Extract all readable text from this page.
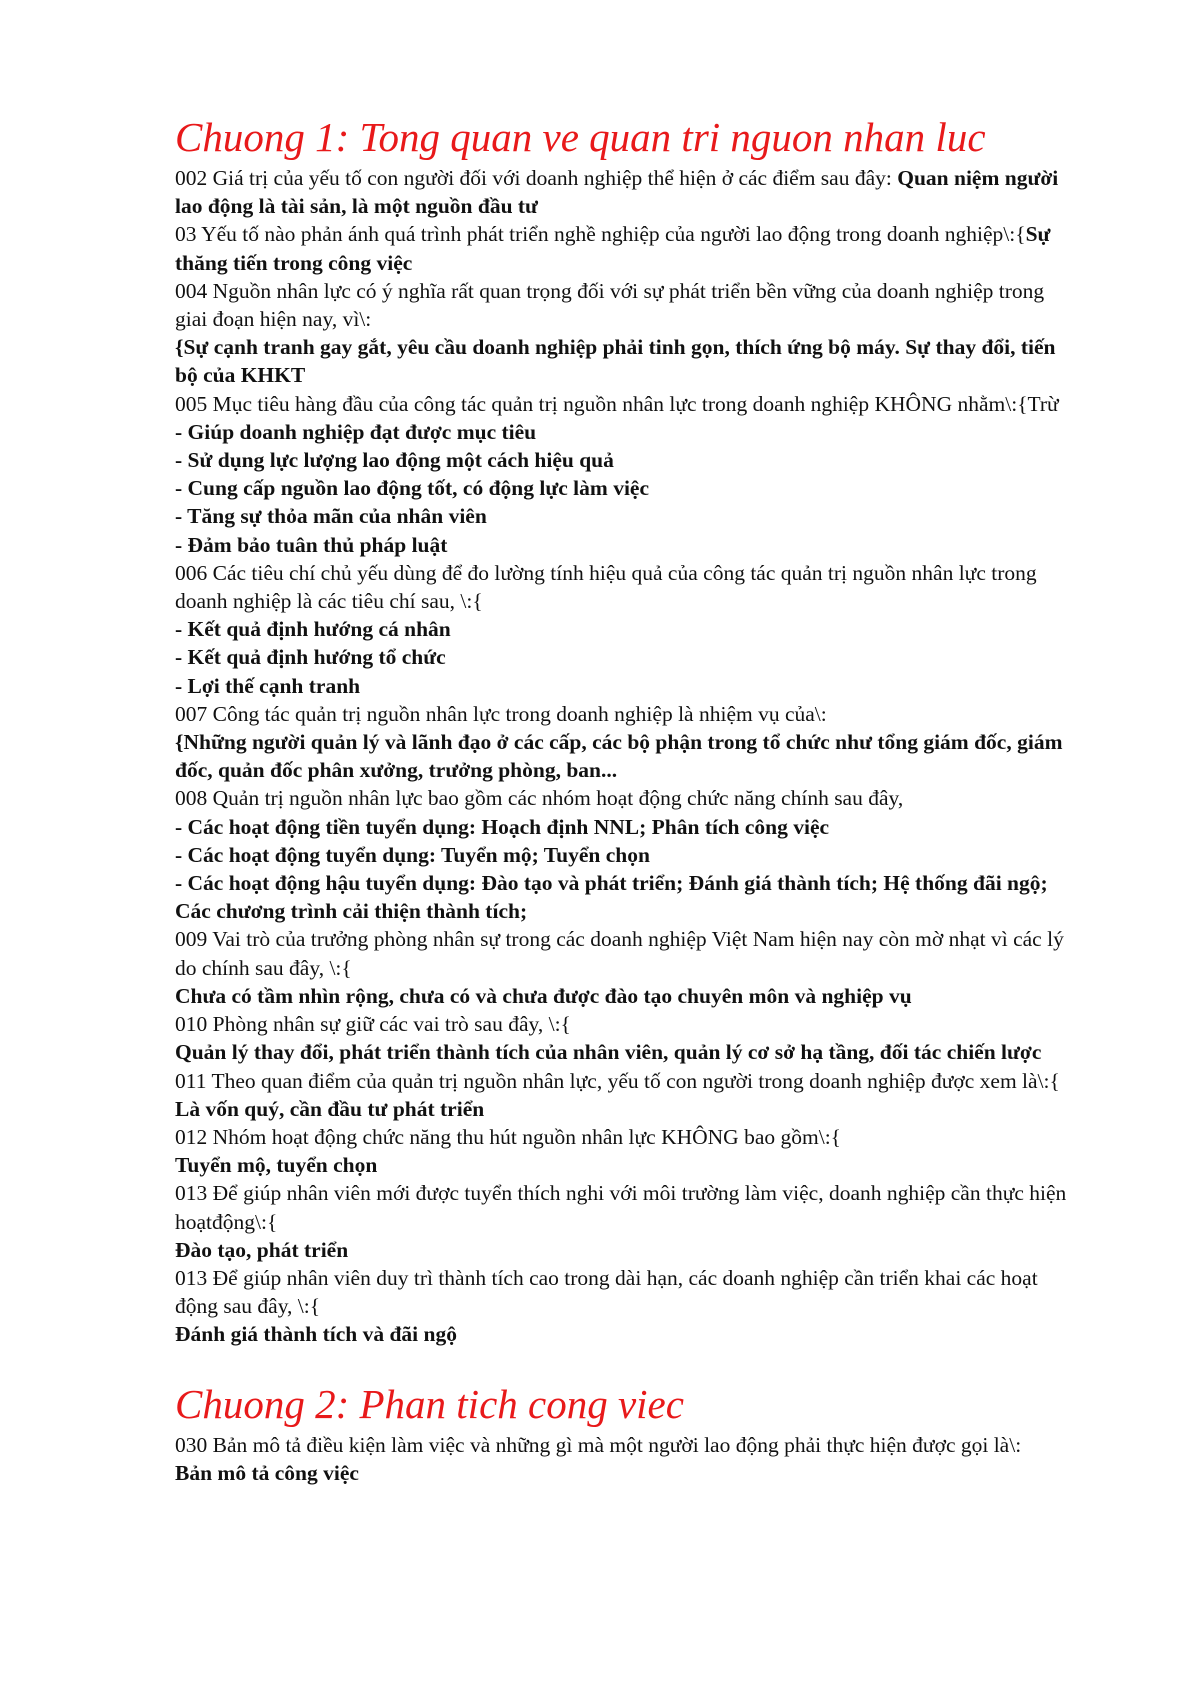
Chuong 1: Tong quan ve quan tri nguon nhan luc

002 Giá trị của yếu tố con người đối với doanh nghiệp thể hiện ở các điểm sau đây: Quan niệm người lao động là tài sản, là một nguồn đầu tư

03 Yếu tố nào phản ánh quá trình phát triển nghề nghiệp của người lao động trong doanh nghiệp\:{Sự thăng tiến trong công việc

004 Nguồn nhân lực có ý nghĩa rất quan trọng đối với sự phát triển bền vững của doanh nghiệp trong giai đoạn hiện nay, vì\:

{Sự cạnh tranh gay gắt, yêu cầu doanh nghiệp phải tinh gọn, thích ứng bộ máy. Sự thay đổi, tiến bộ của KHKT

005 Mục tiêu hàng đầu của công tác quản trị nguồn nhân lực trong doanh nghiệp KHÔNG nhằm\:{Trừ

- Giúp doanh nghiệp đạt được mục tiêu

- Sử dụng lực lượng lao động một cách hiệu quả

- Cung cấp nguồn lao động tốt, có động lực làm việc

- Tăng sự thỏa mãn của nhân viên

- Đảm bảo tuân thủ pháp luật

006 Các tiêu chí chủ yếu dùng để đo lường tính hiệu quả của công tác quản trị nguồn nhân lực trong doanh nghiệp là các tiêu chí sau, \:{

- Kết quả định hướng cá nhân

- Kết quả định hướng tổ chức

- Lợi thế cạnh tranh

007 Công tác quản trị nguồn nhân lực trong doanh nghiệp là nhiệm vụ của\:

{Những người quản lý và lãnh đạo ở các cấp, các bộ phận trong tổ chức như tổng giám đốc, giám đốc, quản đốc phân xưởng, trưởng phòng, ban...

008 Quản trị nguồn nhân lực bao gồm các nhóm hoạt động chức năng chính sau đây,

- Các hoạt động tiền tuyển dụng: Hoạch định NNL; Phân tích công việc

- Các hoạt động tuyển dụng: Tuyển mộ; Tuyển chọn

- Các hoạt động hậu tuyển dụng: Đào tạo và phát triển; Đánh giá thành tích; Hệ thống đãi ngộ; Các chương trình cải thiện thành tích;

009 Vai trò của trưởng phòng nhân sự trong các doanh nghiệp Việt Nam hiện nay còn mờ nhạt vì các lý do chính sau đây, \:{

Chưa có tầm nhìn rộng, chưa có và chưa được đào tạo chuyên môn và nghiệp vụ

010 Phòng nhân sự giữ các vai trò sau đây, \:{

Quản lý thay đổi, phát triển thành tích của nhân viên, quản lý cơ sở hạ tầng, đối tác chiến lược

011 Theo quan điểm của quản trị nguồn nhân lực, yếu tố con người trong doanh nghiệp được xem là\:{

Là vốn quý, cần đầu tư phát triển

012 Nhóm hoạt động chức năng thu hút nguồn nhân lực KHÔNG bao gồm\:{

Tuyển mộ, tuyển chọn

013 Để giúp nhân viên mới được tuyển thích nghi với môi trường làm việc, doanh nghiệp cần thực hiện hoạtđộng\:{

Đào tạo, phát triển

013 Để giúp nhân viên duy trì thành tích cao trong dài hạn, các doanh nghiệp cần triển khai các hoạt động sau đây, \:{

Đánh giá thành tích và đãi ngộ

Chuong 2: Phan tich cong viec

030 Bản mô tả điều kiện làm việc và những gì mà một người lao động phải thực hiện được gọi là\:

Bản mô tả công việc
